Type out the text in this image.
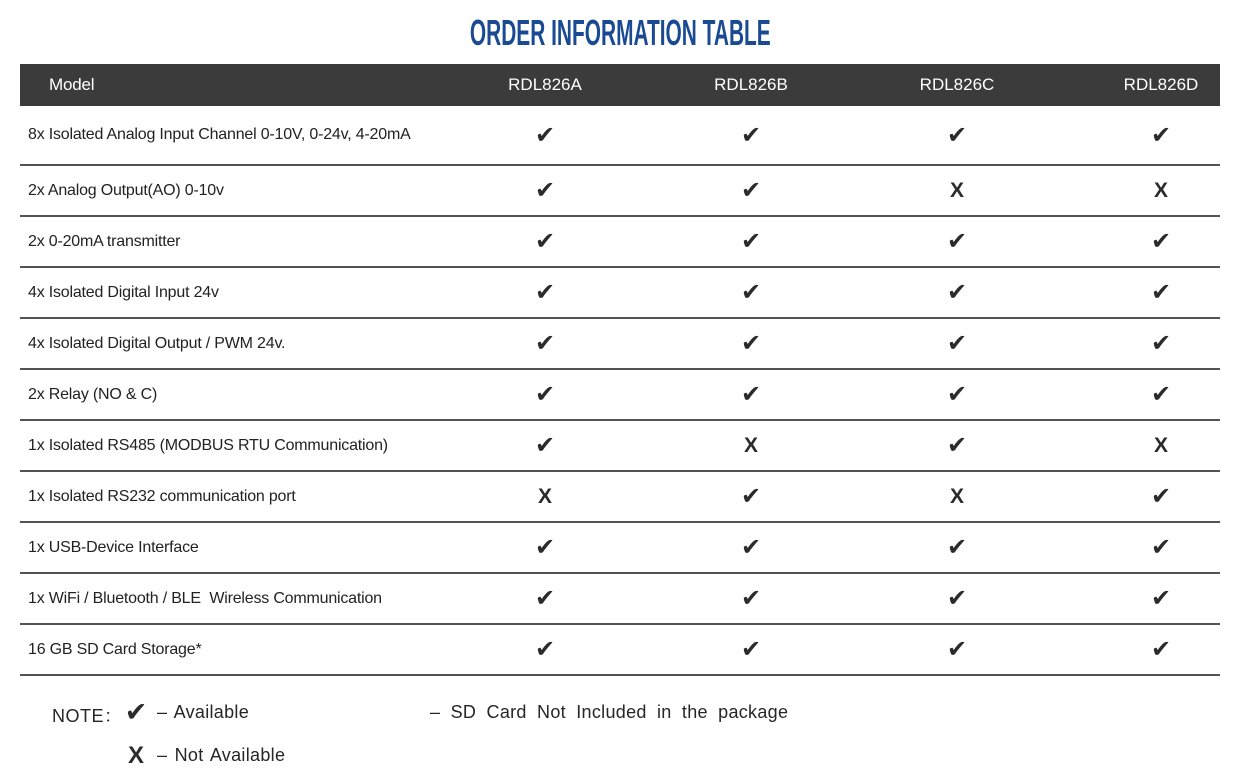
ORDER INFORMATION TABLE
Model	RDL826A	RDL826B	RDL826C	RDL826D
8x Isolated Analog Input Channel 0-10V, 0-24v, 4-20mA	✔	✔	✔	✔
2x Analog Output(AO) 0-10v	✔	✔	X	X
2x 0-20mA transmitter	✔	✔	✔	✔
4x Isolated Digital Input 24v	✔	✔	✔	✔
4x Isolated Digital Output / PWM 24v.	✔	✔	✔	✔
2x Relay (NO & C)	✔	✔	✔	✔
1x Isolated RS485 (MODBUS RTU Communication)	✔	X	✔	X
1x Isolated RS232 communication port	X	✔	X	✔
1x USB-Device Interface	✔	✔	✔	✔
1x WiFi / Bluetooth / BLE  Wireless Communication	✔	✔	✔	✔
16 GB SD Card Storage*	✔	✔	✔	✔
NOTE： ✔ – Available
X – Not Available
– SD Card Not Included in the package
